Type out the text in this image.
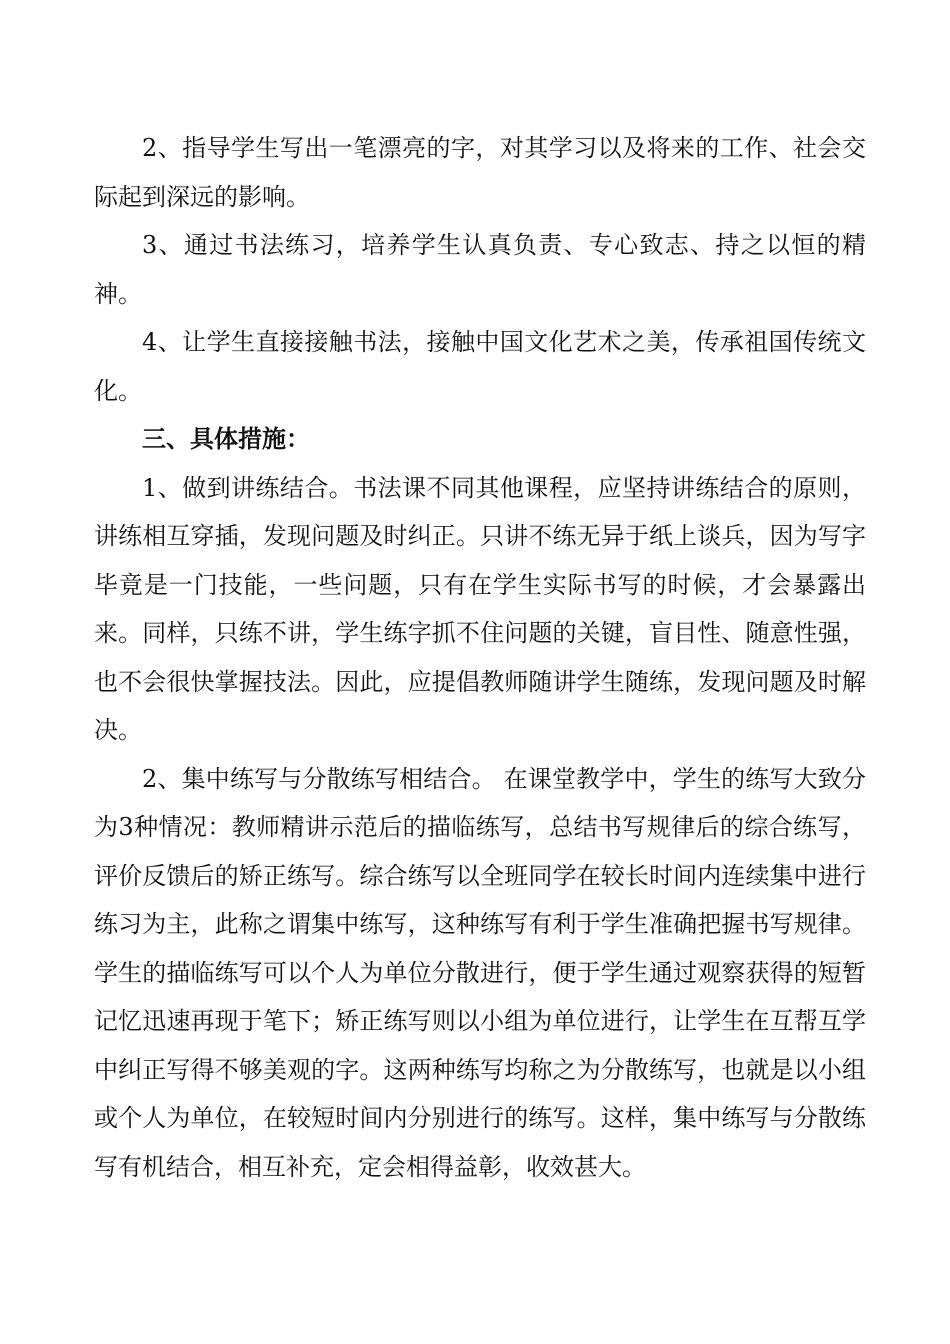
2、指导学生写出一笔漂亮的字，对其学习以及将来的工作、社会交际起到深远的影响。

3、通过书法练习，培养学生认真负责、专心致志、持之以恒的精神。

4、让学生直接接触书法，接触中国文化艺术之美，传承祖国传统文化。

三、具体措施：

1、做到讲练结合。书法课不同其他课程，应坚持讲练结合的原则，讲练相互穿插，发现问题及时纠正。只讲不练无异于纸上谈兵，因为写字毕竟是一门技能，一些问题，只有在学生实际书写的时候，才会暴露出来。同样，只练不讲，学生练字抓不住问题的关键，盲目性、随意性强，也不会很快掌握技法。因此，应提倡教师随讲学生随练，发现问题及时解决。

2、集中练写与分散练写相结合。 在课堂教学中，学生的练写大致分为3种情况：教师精讲示范后的描临练写，总结书写规律后的综合练写，评价反馈后的矫正练写。综合练写以全班同学在较长时间内连续集中进行练习为主，此称之谓集中练写，这种练写有利于学生准确把握书写规律。学生的描临练写可以个人为单位分散进行，便于学生通过观察获得的短暂记忆迅速再现于笔下；矫正练写则以小组为单位进行，让学生在互帮互学中纠正写得不够美观的字。这两种练写均称之为分散练写，也就是以小组或个人为单位，在较短时间内分别进行的练写。这样，集中练写与分散练写有机结合，相互补充，定会相得益彰，收效甚大。
